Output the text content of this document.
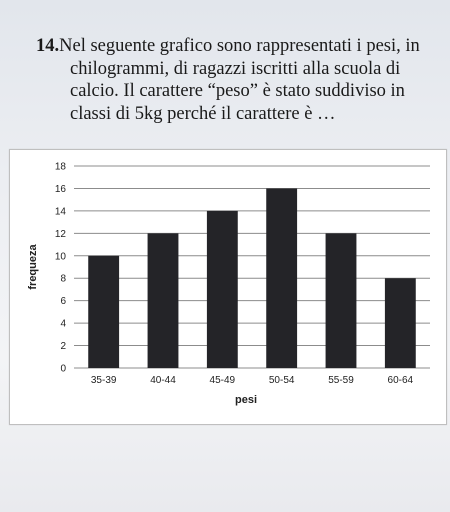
14.Nel seguente grafico sono rappresentati i pesi, in chilogrammi, di ragazzi iscritti alla scuola di calcio. Il carattere “peso” è stato suddiviso in classi di 5kg perché il carattere è …
0
2
4
6
8
10
12
14
16
18
35-39	40-44	45-49	50-54	55-59	60-64
frequeza
pesi
